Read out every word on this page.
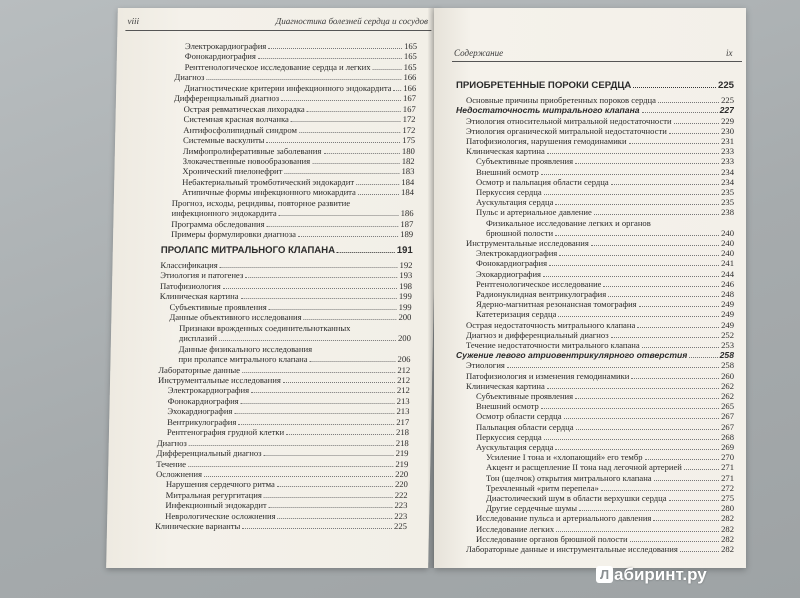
viii	Диагностика болезней сердца и сосудов
Электрокардиография	165
Фонокардиография	165
Рентгенологическое исследование сердца и легких	165
Диагноз	166
Диагностические критерии инфекционного эндокардита 166
Дифференциальный диагноз	167
Острая ревматическая лихорадка	167
Системная красная волчанка	172
Антифосфолипидный синдром	172
Системные васкулиты	175
Лимфопролиферативные заболевания	180
Злокачественные новообразования	182
Хронический пиелонефрит	183
Небактериальный тромботический эндокардит	184
Атипичные формы инфекционного миокардита	184
Прогноз, исходы, рецидивы, повторное развитие
инфекционного эндокардита	186
Программа обследования	187
Примеры формулировки диагноза	189
ПРОЛАПС МИТРАЛЬНОГО КЛАПАНА	191
Классификация	192
Этиология и патогенез	193
Патофизиология	198
Клиническая картина	199
Субъективные проявления	199
Данные объективного исследования	200
Признаки врожденных соединительнотканных
дисплазий	200
Данные физикального исследования
при пролапсе митрального клапана	206
Лабораторные данные	212
Инструментальные исследования	212
Электрокардиография	212
Фонокардиография	213
Эхокардиография	213
Вентрикулография	217
Рентгенография грудной клетки	218
Диагноз	218
Дифференциальный диагноз	219
Течение	219
Осложнения	220
Нарушения сердечного ритма	220
Митральная регургитация	222
Инфекционный эндокардит	223
Неврологические осложнения	223
Клинические варианты	225
Содержание	ix
ПРИОБРЕТЕННЫЕ ПОРОКИ СЕРДЦА	225
Основные причины приобретенных пороков сердца	225
Недостаточность митрального клапана	227
Этиология относительной митральной недостаточности	229
Этиология органической митральной недостаточности	230
Патофизиология, нарушения гемодинамики	231
Клиническая картина	233
Субъективные проявления	233
Внешний осмотр	234
Осмотр и пальпация области сердца	234
Перкуссия сердца	235
Аускультация сердца	235
Пульс и артериальное давление	238
Физикальное исследование легких и органов
брюшной полости	240
Инструментальные исследования	240
Электрокардиография	240
Фонокардиография	241
Эхокардиография	244
Рентгенологическое исследование	246
Радионуклидная вентрикулография	248
Ядерно-магнитная резонансная томография	249
Катетеризация сердца	249
Острая недостаточность митрального клапана	249
Диагноз и дифференциальный диагноз	252
Течение недостаточности митрального клапана	253
Сужение левого атриовентрикулярного отверстия	258
Этиология	258
Патофизиология и изменения гемодинамики	260
Клиническая картина	262
Субъективные проявления	262
Внешний осмотр	265
Осмотр области сердца	267
Пальпация области сердца	267
Перкуссия сердца	268
Аускультация сердца	269
Усиление I тона и «хлопающий» его тембр	270
Акцент и расщепление II тона над легочной артерией	271
Тон (щелчок) открытия митрального клапана	271
Трехчленный «ритм перепела»	272
Диастолический шум в области верхушки сердца	275
Другие сердечные шумы	280
Исследование пульса и артериального давления	282
Исследование легких	282
Исследование органов брюшной полости	282
Лабораторные данные и инструментальные исследования	282
Л абиринт.ру
